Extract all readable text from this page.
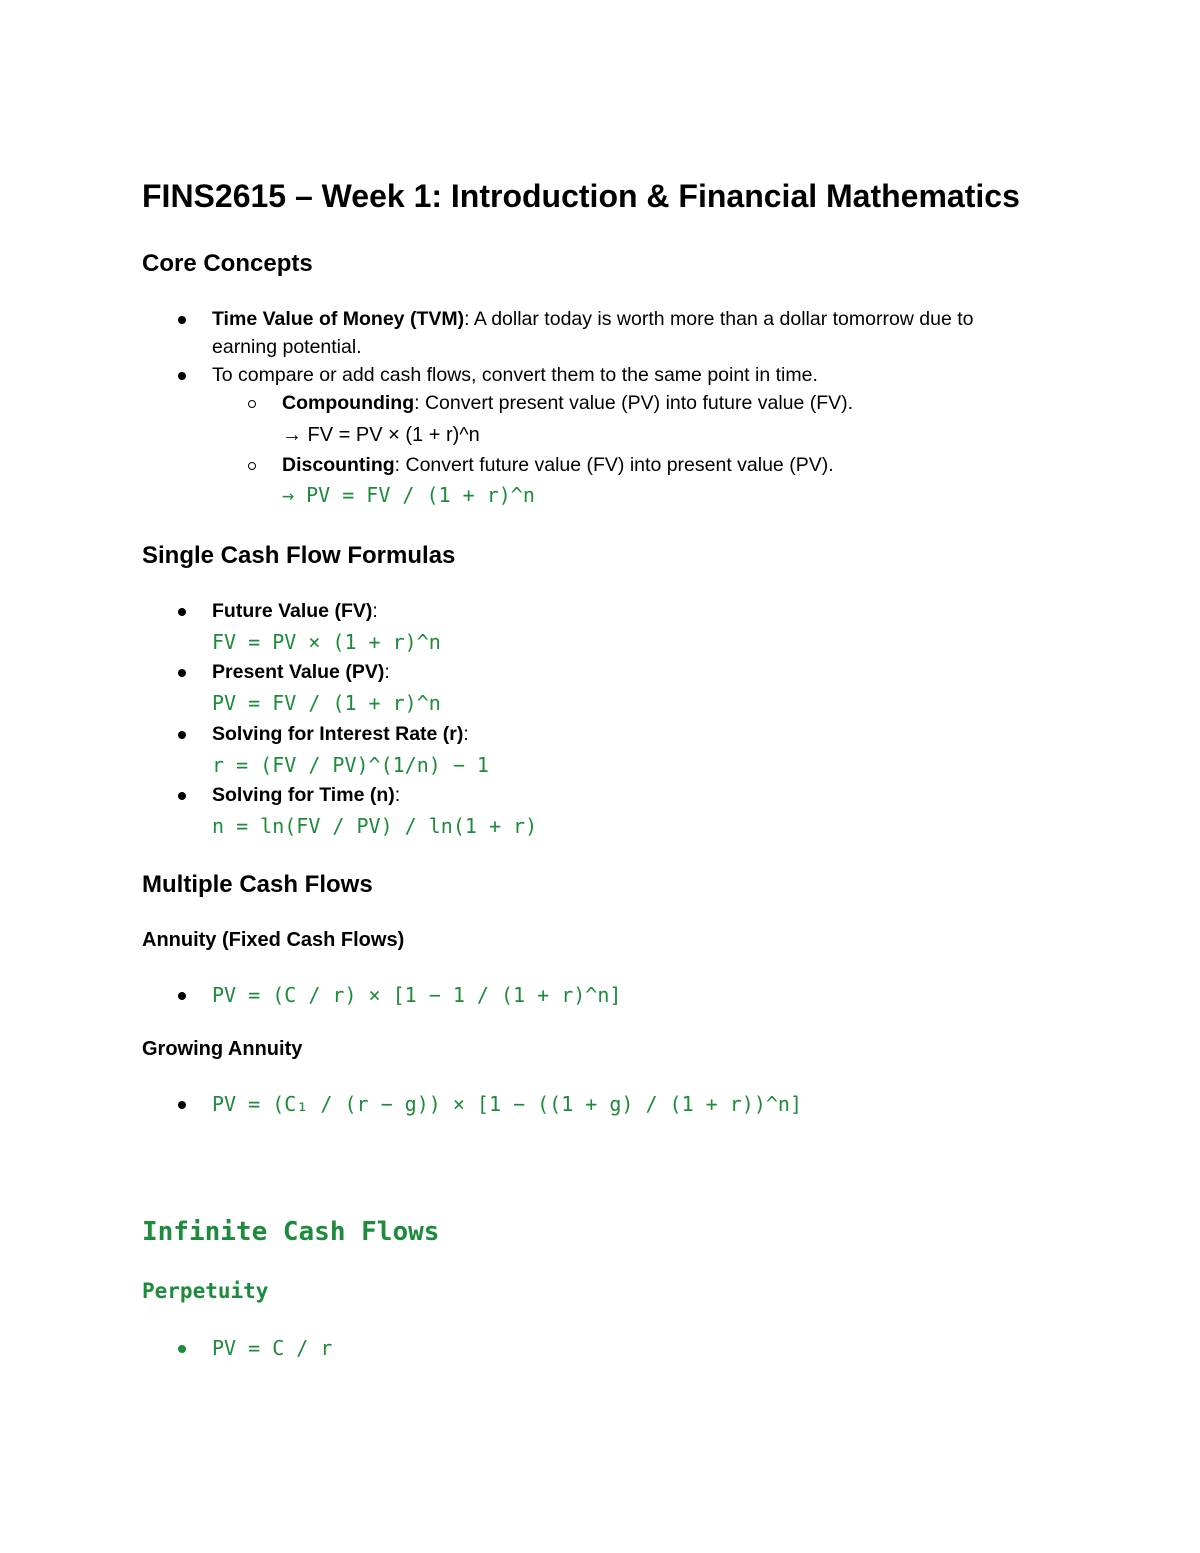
FINS2615 – Week 1: Introduction & Financial Mathematics
Core Concepts
Time Value of Money (TVM): A dollar today is worth more than a dollar tomorrow due to
earning potential.
To compare or add cash flows, convert them to the same point in time.
Compounding: Convert present value (PV) into future value (FV).
→ FV = PV × (1 + r)^n
Discounting: Convert future value (FV) into present value (PV).
→ PV = FV / (1 + r)^n
Single Cash Flow Formulas
Future Value (FV):
FV = PV × (1 + r)^n
Present Value (PV):
PV = FV / (1 + r)^n
Solving for Interest Rate (r):
r = (FV / PV)^(1/n) − 1
Solving for Time (n):
n = ln(FV / PV) / ln(1 + r)
Multiple Cash Flows
Annuity (Fixed Cash Flows)
PV = (C / r) × [1 − 1 / (1 + r)^n]
Growing Annuity
PV = (C₁ / (r − g)) × [1 − ((1 + g) / (1 + r))^n]
Infinite Cash Flows
Perpetuity
PV = C / r
